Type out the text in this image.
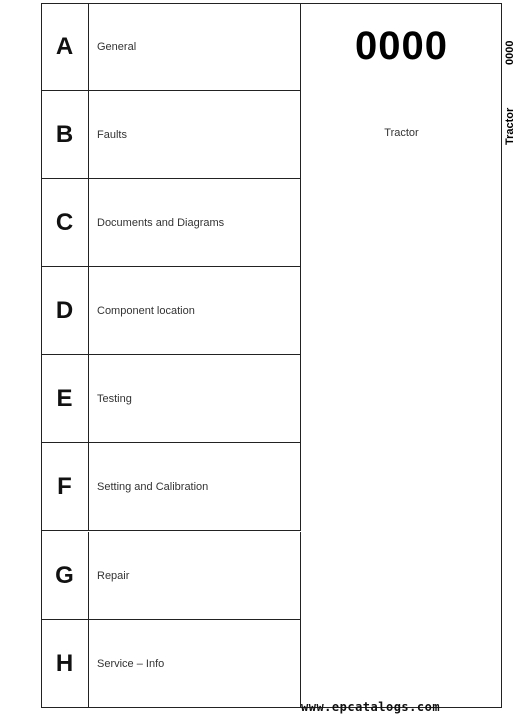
A General
B Faults
C Documents and Diagrams
D Component location
E Testing
F Setting and Calibration
G Repair
H Service – Info
0000
Tractor
0000
Tractor
www.epcatalogs.com
